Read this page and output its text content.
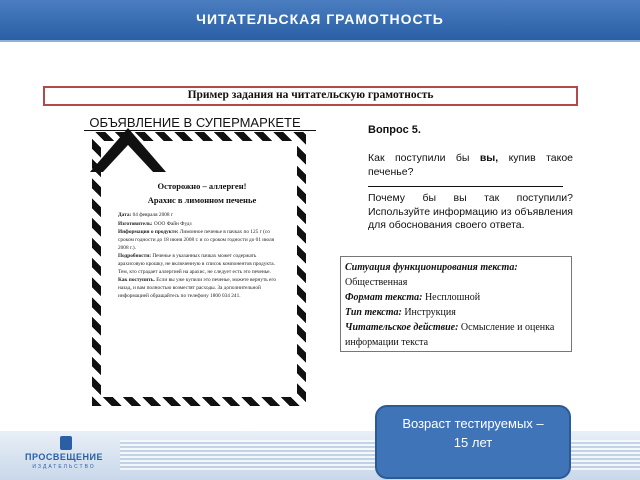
ЧИТАТЕЛЬСКАЯ ГРАМОТНОСТЬ
Пример задания на читательскую грамотность
ОБЪЯВЛЕНИЕ В СУПЕРМАРКЕТЕ
Осторожно – аллерген!
Арахис в лимонном печенье

Дата: 04 февраля 2008 г

Изготовитель: ООО Файн Фудз

Информация о продукте: Лимонное печенье в пачках по 125 г (со сроком годности до 18 июня 2008 г. и со сроком годности до 01 июля 2008 г.).

Подробности: Печенье в указанных пачках может содержать арахисовую крошку, не включенную в список компонентов продукта. Тем, кто страдает аллергией на арахис, не следует есть это печенье.

Как поступить. Если вы уже купили это печенье, можете вернуть его назад, и вам полностью возместят расходы. За дополнительной информацией обращайтесь по телефону 1800 034 241.

Вопрос 5.
Как поступили бы вы, купив такое печенье?
Почему бы вы так поступили? Используйте информацию из объявления для обоснования своего ответа.
Ситуация функционирования текста: Общественная
Формат текста: Несплошной
Тип текста: Инструкция
Читательское действие: Осмысление и оценка информации текста
ПРОСВЕЩЕНИЕ
ИЗДАТЕЛЬСТВО
Возраст тестируемых – 15 лет
